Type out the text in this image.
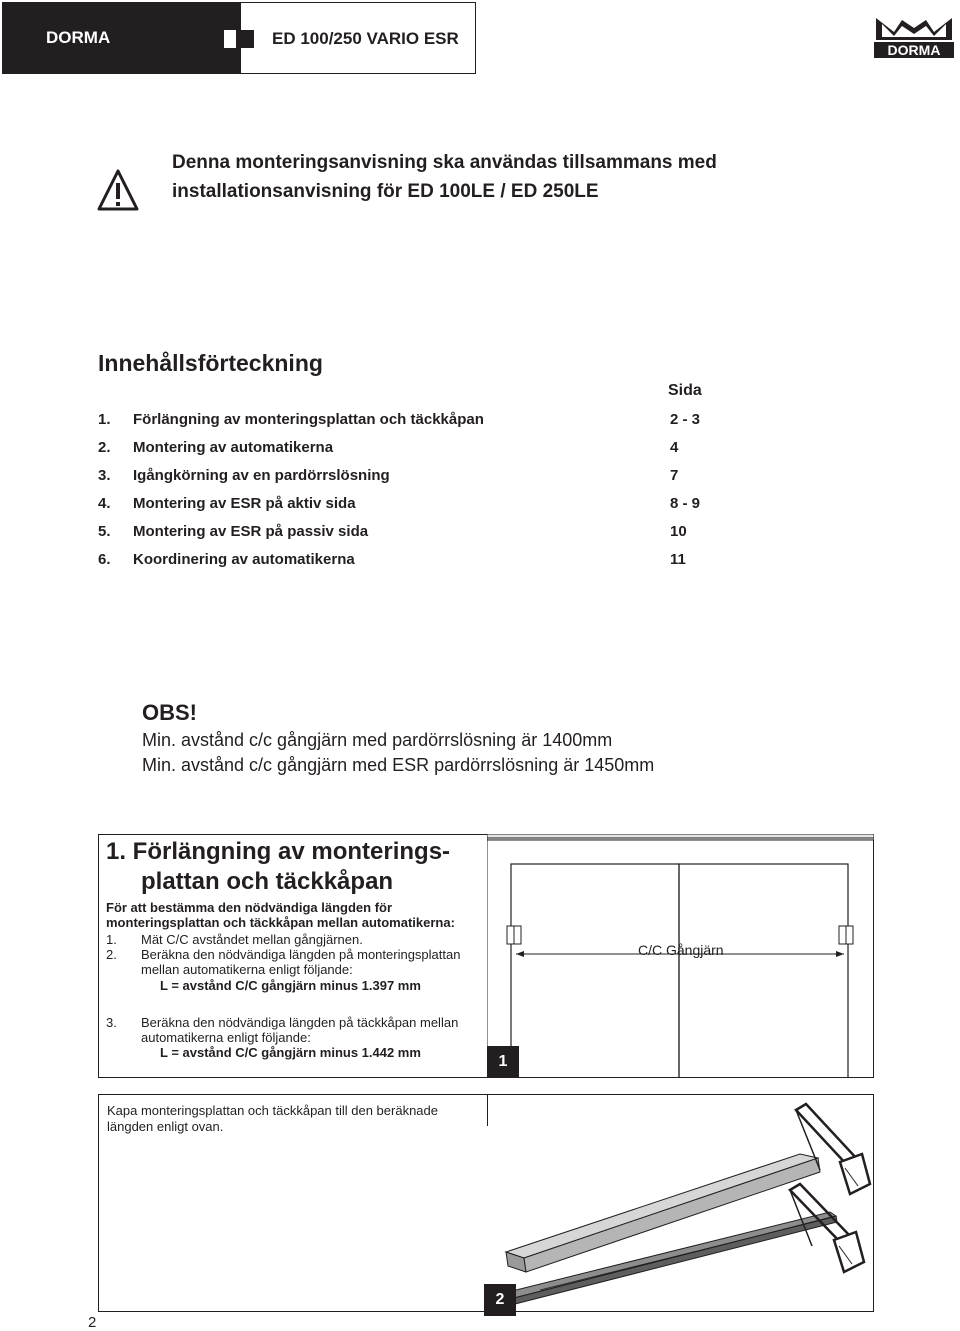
DORMA	ED 100/250 VARIO ESR
DORMA
Denna monteringsanvisning ska användas tillsammans med
installationsanvisning för ED 100LE / ED 250LE
Innehållsförteckning
Sida
1. Förlängning av monteringsplattan och täckkåpan	2 - 3
2. Montering av automatikerna	4
3. Igångkörning av en pardörrslösning	7
4. Montering av ESR på aktiv sida	8 - 9
5. Montering av ESR på passiv sida	10
6. Koordinering av automatikerna	11
OBS!
Min. avstånd c/c gångjärn med pardörrslösning är 1400mm
Min. avstånd c/c gångjärn med ESR pardörrslösning är 1450mm
1. Förlängning av monterings-
plattan och täckkåpan
För att bestämma den nödvändiga längden för
monteringsplattan och täckkåpan mellan automatikerna:
1. Mät C/C avståndet mellan gångjärnen.
2. Beräkna den nödvändiga längden på monteringsplattan
mellan automatikerna enligt följande:
L = avstånd C/C gångjärn minus 1.397 mm
3. Beräkna den nödvändiga längden på täckkåpan mellan
automatikerna enligt följande:
L = avstånd C/C gångjärn minus 1.442 mm
C/C Gångjärn
1
Kapa monteringsplattan och täckkåpan till den beräknade
längden enligt ovan.
2
2
